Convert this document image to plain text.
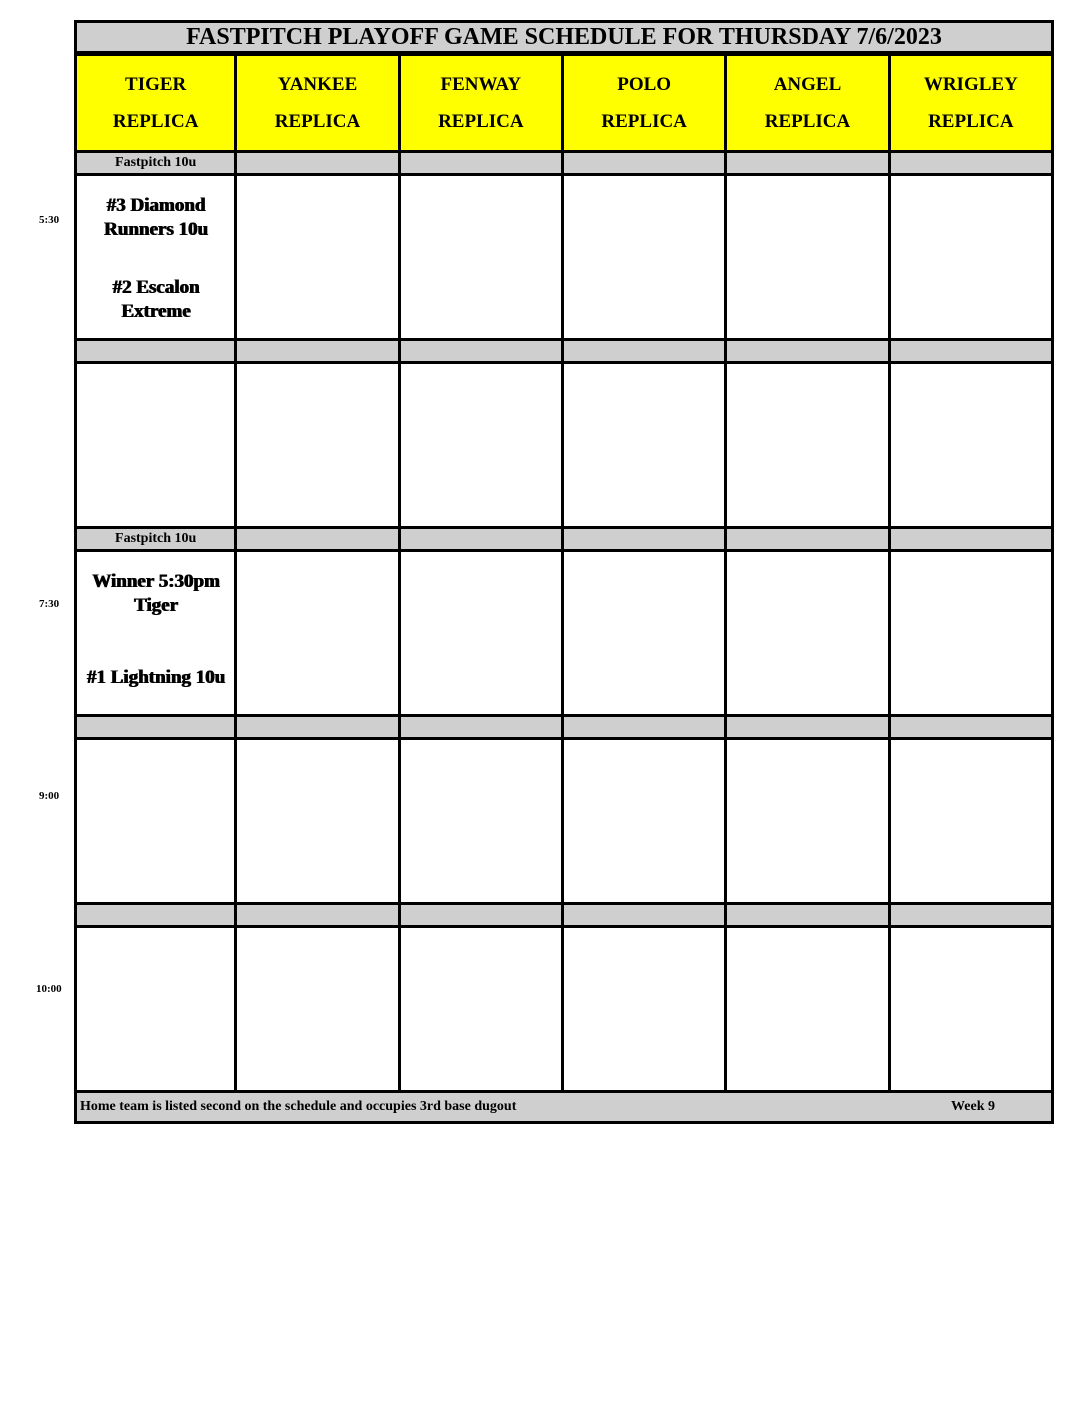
FASTPITCH PLAYOFF GAME SCHEDULE FOR THURSDAY 7/6/2023
TIGER
REPLICA
YANKEE
REPLICA
FENWAY
REPLICA
POLO
REPLICA
ANGEL
REPLICA
WRIGLEY
REPLICA
Fastpitch 10u
#3 Diamond Runners 10u
#2 Escalon Extreme
Fastpitch 10u
Winner 5:30pm Tiger
#1 Lightning 10u
Home team is listed second on the schedule and occupies 3rd base dugout	Week 9
5:30
7:30
9:00
10:00
